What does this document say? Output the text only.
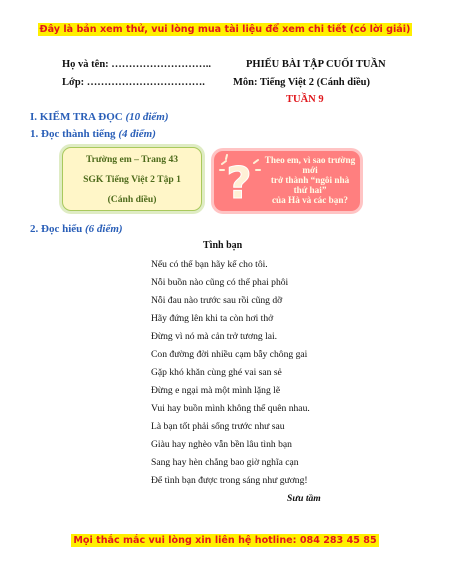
Đây là bản xem thử, vui lòng mua tài liệu để xem chi tiết (có lời giải)
Họ và tên: ………………………..
Lớp: …………………………….
PHIẾU BÀI TẬP CUỐI TUẦN
Môn: Tiếng Việt 2 (Cánh diều)
TUẦN 9
I. KIỂM TRA ĐỌC (10 điểm)
1. Đọc thành tiếng (4 điểm)
Trường em – Trang 43
SGK Tiếng Việt 2 Tập 1
(Cánh diều)	? Theo em, vì sao trường mới
trở thành “ngôi nhà thứ hai”
của Hà và các bạn?
2. Đọc hiểu (6 điểm)
Tình bạn
Nếu có thể bạn hãy kể cho tôi.
Nỗi buồn nào cũng có thể phai phôi
Nỗi đau nào trước sau rồi cũng dỡ
Hãy đứng lên khi ta còn hơi thở
Đừng vì nó mà cản trở tương lai.
Con đường đời nhiều cạm bẫy chông gai
Gặp khó khăn cùng ghé vai san sẻ
Đừng e ngại mà một mình lặng lẽ
Vui hay buồn mình không thể quên nhau.
Là bạn tốt phải sống trước như sau
Giàu hay nghèo vẫn bền lâu tình bạn
Sang hay hèn chẳng bao giờ nghĩa cạn
Để tình bạn được trong sáng như gương!
Sưu tầm
Mọi thắc mắc vui lòng xin liên hệ hotline: 084 283 45 85
